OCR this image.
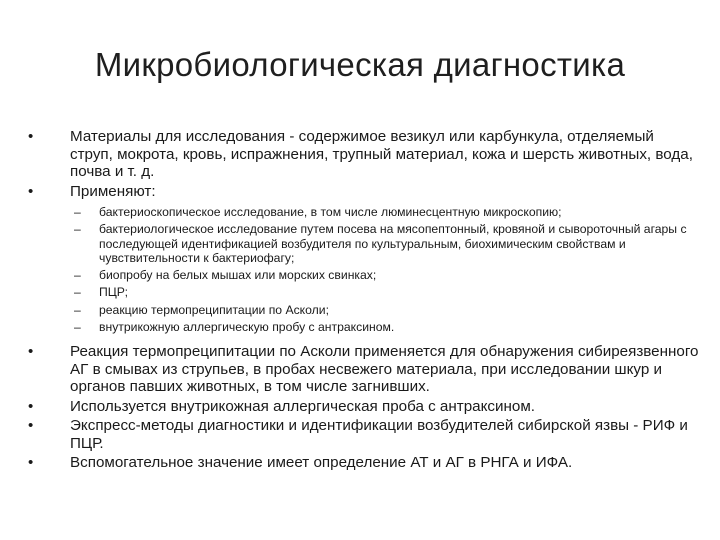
Микробиологическая диагностика
•	Материалы для исследования - содержимое везикул или карбункула, отделяемый струп, мокрота, кровь, испражнения, трупный материал, кожа и шерсть животных, вода, почва и т. д.
•	Применяют:
– бактериоскопическое исследование, в том числе люминесцентную микроскопию;
– бактериологическое исследование путем посева на мясопептонный, кровяной и сывороточный агары с последующей идентификацией возбудителя по культуральным, биохимическим свойствам и чувствительности к бактериофагу;
– биопробу на белых мышах или морских свинках;
– ПЦР;
– реакцию термопреципитации по Асколи;
– внутрикожную аллергическую пробу с антраксином.
•	Реакция термопреципитации по Асколи применяется для обнаружения сибиреязвенного АГ в смывах из струпьев, в пробах несвежего материала, при исследовании шкур и органов павших животных, в том числе загнивших.
•	Используется внутрикожная аллергическая проба с антраксином.
•	Экспресс-методы диагностики и идентификации возбудителей сибирской язвы - РИФ и ПЦР.
•	Вспомогательное значение имеет определение АТ и АГ в РНГА и ИФА.
